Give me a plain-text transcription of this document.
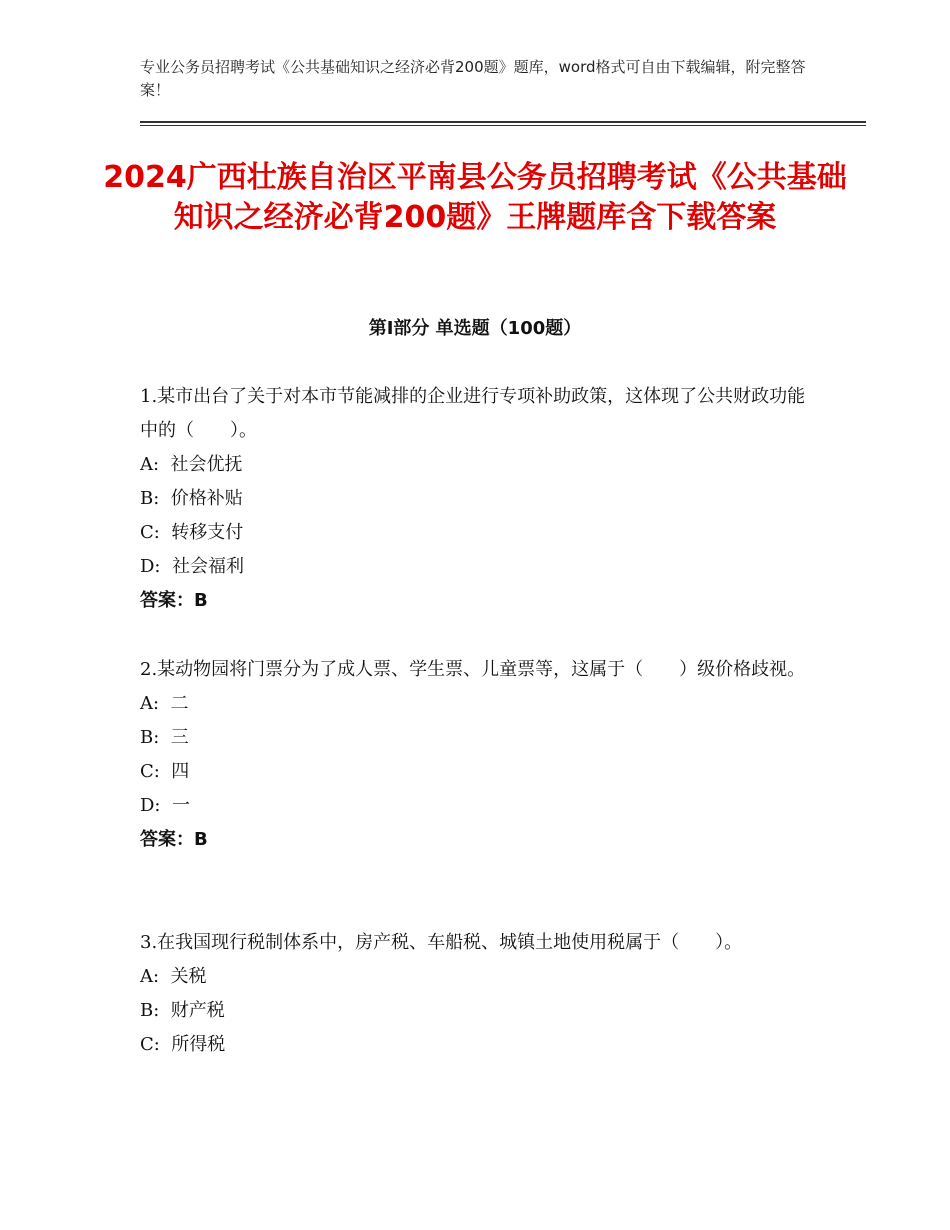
专业公务员招聘考试《公共基础知识之经济必背200题》题库，word格式可自由下载编辑，附完整答案！
2024广西壮族自治区平南县公务员招聘考试《公共基础知识之经济必背200题》王牌题库含下载答案
第Ⅰ部分 单选题（100题）

1.某市出台了关于对本市节能减排的企业进行专项补助政策，这体现了公共财政功能中的（　　）。

A:  社会优抚

B:  价格补贴

C:  转移支付

D:  社会福利

答案：B

2.某动物园将门票分为了成人票、学生票、儿童票等，这属于（　　）级价格歧视。

A:  二

B:  三

C:  四

D:  一

答案：B

3.在我国现行税制体系中，房产税、车船税、城镇土地使用税属于（　　）。

A:  关税

B:  财产税

C:  所得税
